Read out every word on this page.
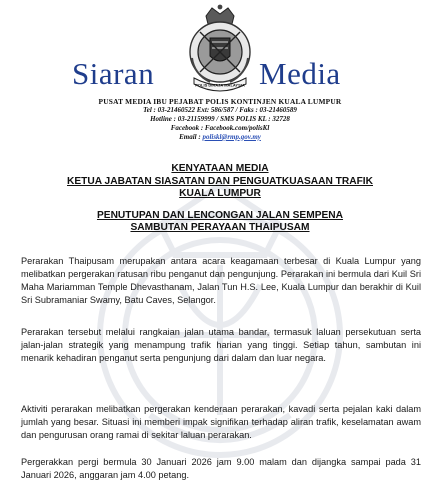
Siaran	POLIS DIRAJA MALAYSIA Media
PUSAT MEDIA IBU PEJABAT POLIS KONTINJEN KUALA LUMPUR
Tel : 03-21460522 Ext: 586/587 / Faks : 03-21460589
Hotline : 03-21159999 / SMS POLIS KL : 32728
Facebook : Facebook.com/polisKl
Email : poliskl@rmp.gov.my
KENYATAAN MEDIA
KETUA JABATAN SIASATAN DAN PENGUATKUASAAN TRAFIK
KUALA LUMPUR
PENUTUPAN DAN LENCONGAN JALAN SEMPENA
SAMBUTAN PERAYAAN THAIPUSAM

Perarakan Thaipusam merupakan antara acara keagamaan terbesar di Kuala Lumpur yang melibatkan pergerakan ratusan ribu penganut dan pengunjung. Perarakan ini bermula dari Kuil Sri Maha Mariamman Temple Dhevasthanam, Jalan Tun H.S. Lee, Kuala Lumpur dan berakhir di Kuil Sri Subramaniar Swamy, Batu Caves, Selangor.

Perarakan tersebut melalui rangkaian jalan utama bandar, termasuk laluan persekutuan serta jalan-jalan strategik yang menampung trafik harian yang tinggi. Setiap tahun, sambutan ini menarik kehadiran penganut serta pengunjung dari dalam dan luar negara.

Aktiviti perarakan melibatkan pergerakan kenderaan perarakan, kavadi serta pejalan kaki dalam jumlah yang besar. Situasi ini memberi impak signifikan terhadap aliran trafik, keselamatan awam dan pengurusan orang ramai di sekitar laluan perarakan.

Pergerakkan pergi bermula 30 Januari 2026 jam 9.00 malam dan dijangka sampai pada 31 Januari 2026, anggaran jam 4.00 petang.
